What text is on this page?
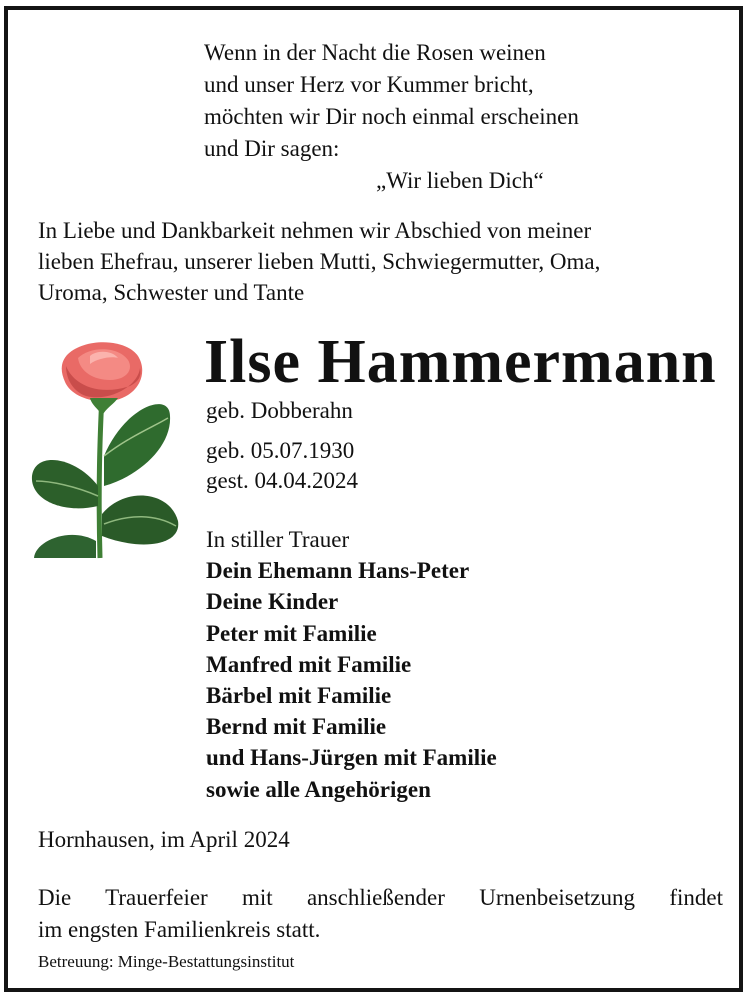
Wenn in der Nacht die Rosen weinen
und unser Herz vor Kummer bricht,
möchten wir Dir noch einmal erscheinen
und Dir sagen:
„Wir lieben Dich“
In Liebe und Dankbarkeit nehmen wir Abschied von meiner
lieben Ehefrau, unserer lieben Mutti, Schwiegermutter, Oma,
Uroma, Schwester und Tante
Ilse Hammermann
geb. Dobberahn
geb. 05.07.1930
gest. 04.04.2024
In stiller Trauer
Dein Ehemann Hans-Peter
Deine Kinder
Peter mit Familie
Manfred mit Familie
Bärbel mit Familie
Bernd mit Familie
und Hans-Jürgen mit Familie
sowie alle Angehörigen
Hornhausen, im April 2024
Die Trauerfeier mit anschließender Urnenbeisetzung findet
im engsten Familienkreis statt.
Betreuung: Minge-Bestattungsinstitut
